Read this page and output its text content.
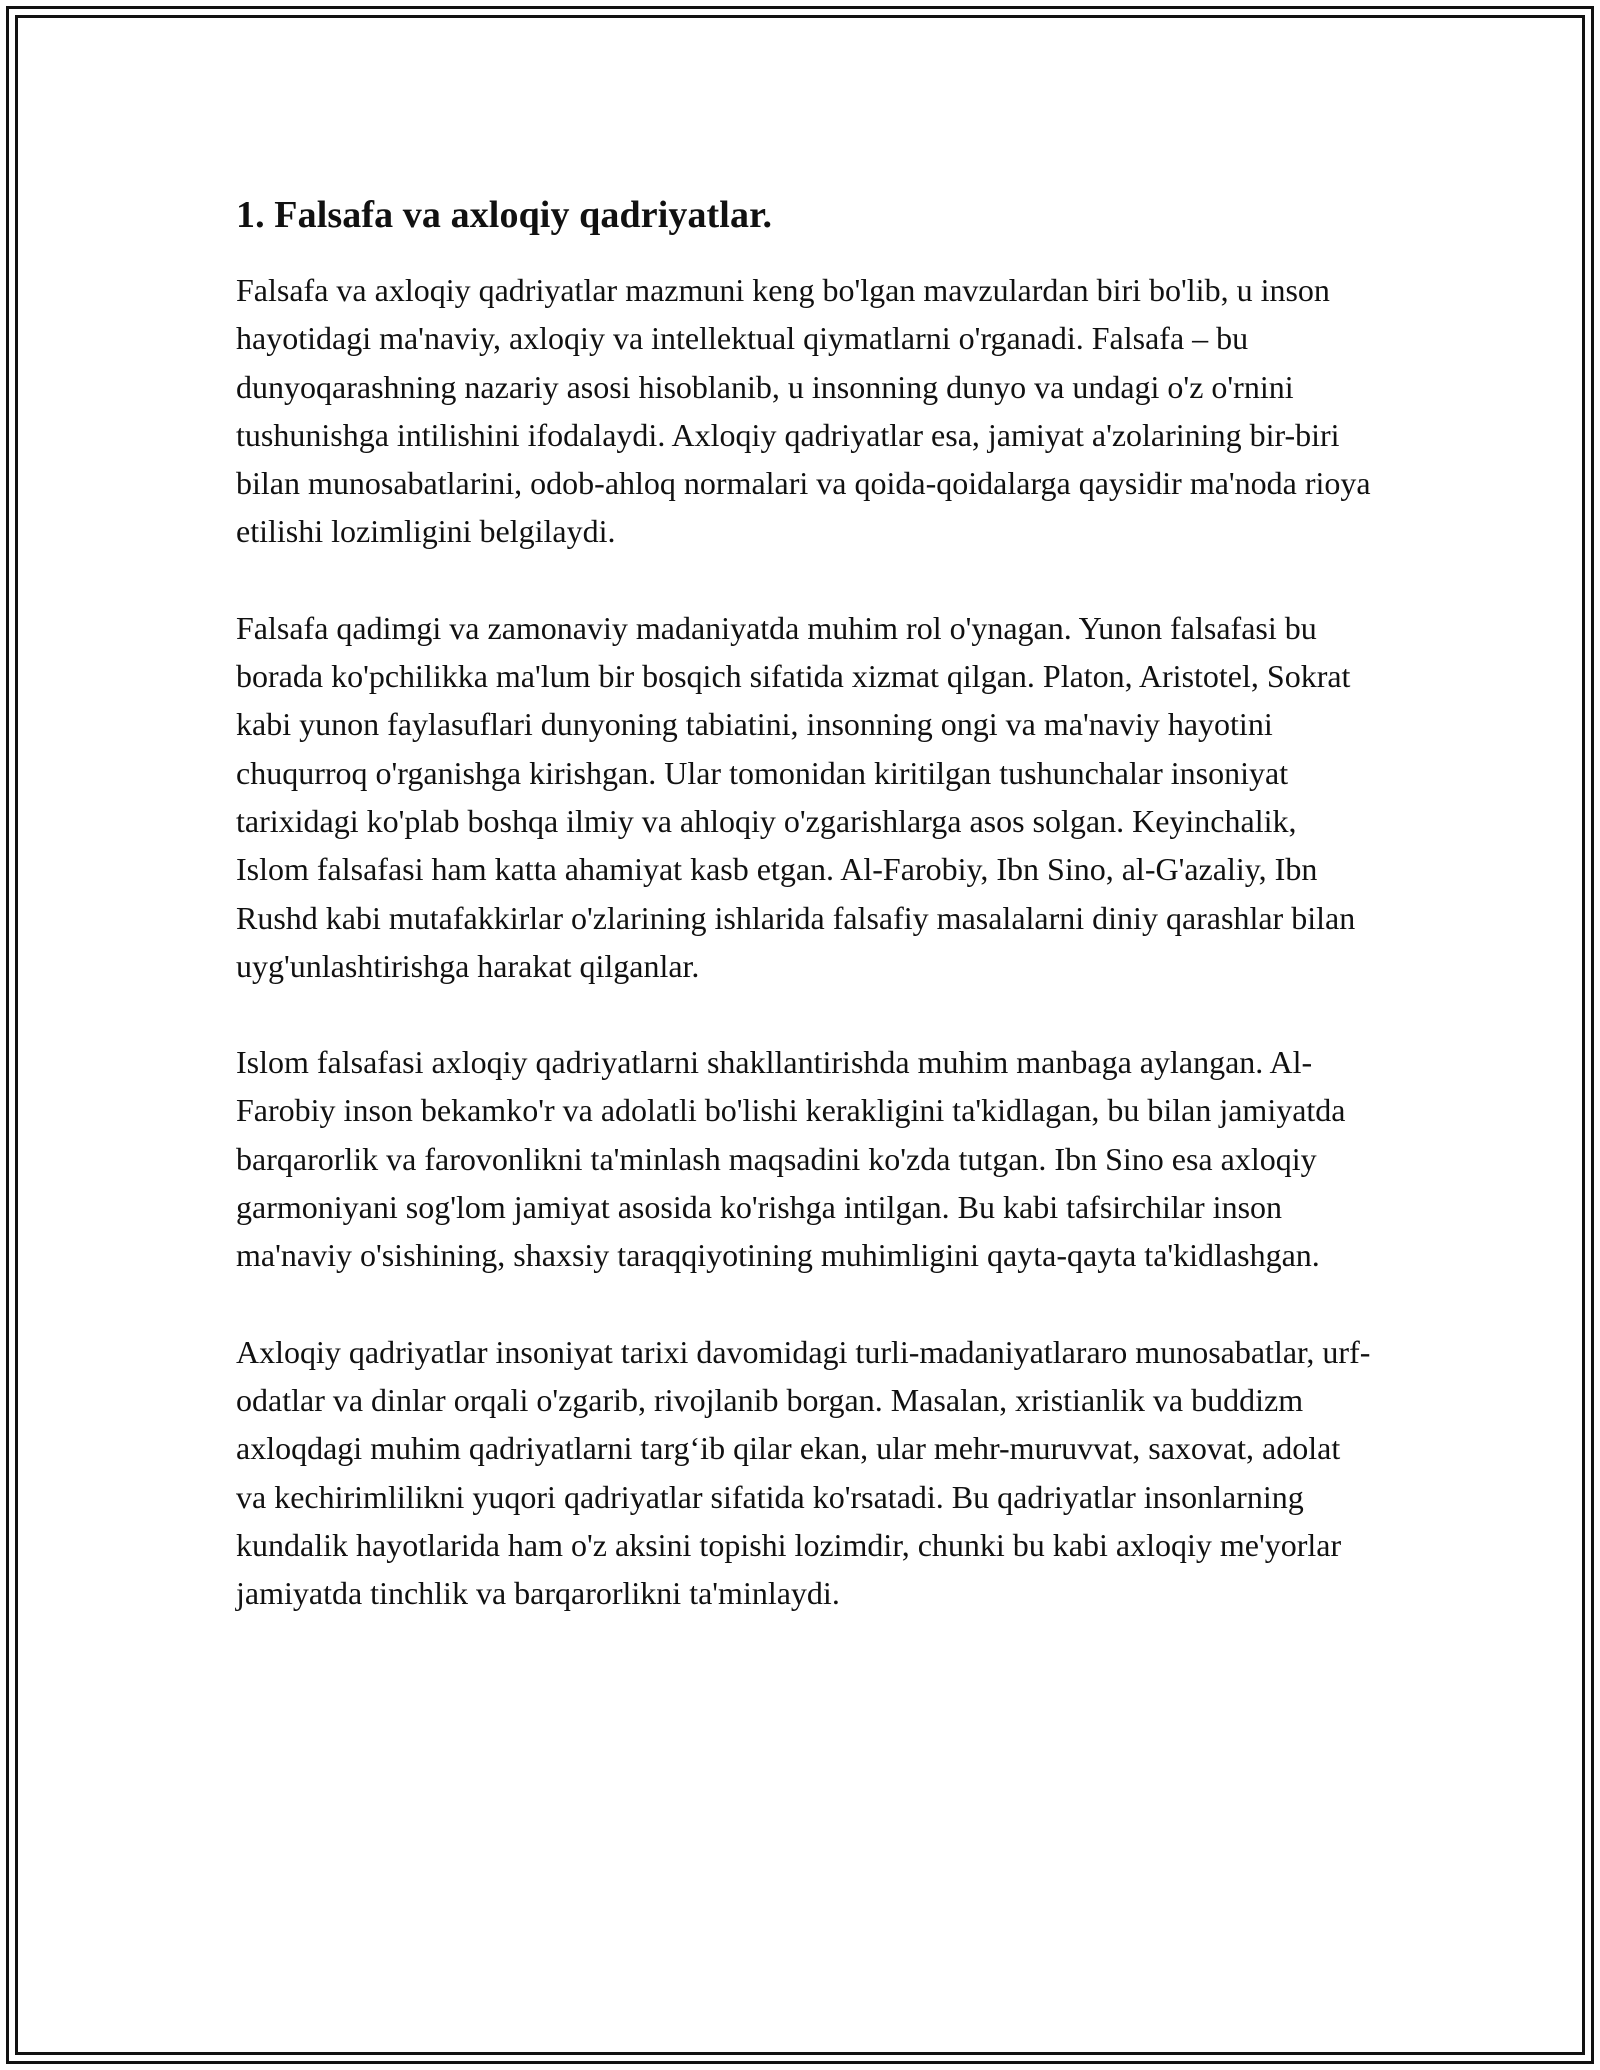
1. Falsafa va axloqiy qadriyatlar.

Falsafa va axloqiy qadriyatlar mazmuni keng bo'lgan mavzulardan biri bo'lib, u inson hayotidagi ma'naviy, axloqiy va intellektual qiymatlarni o'rganadi. Falsafa – bu dunyoqarashning nazariy asosi hisoblanib, u insonning dunyo va undagi o'z o'rnini tushunishga intilishini ifodalaydi. Axloqiy qadriyatlar esa, jamiyat a'zolarining bir-biri bilan munosabatlarini, odob-ahloq normalari va qoida-qoidalarga qaysidir ma'noda rioya etilishi lozimligini belgilaydi.

Falsafa qadimgi va zamonaviy madaniyatda muhim rol o'ynagan. Yunon falsafasi bu borada ko'pchilikka ma'lum bir bosqich sifatida xizmat qilgan. Platon, Aristotel, Sokrat kabi yunon faylasuflari dunyoning tabiatini, insonning ongi va ma'naviy hayotini chuqurroq o'rganishga kirishgan. Ular tomonidan kiritilgan tushunchalar insoniyat tarixidagi ko'plab boshqa ilmiy va ahloqiy o'zgarishlarga asos solgan. Keyinchalik, Islom falsafasi ham katta ahamiyat kasb etgan. Al-Farobiy, Ibn Sino, al-G'azaliy, Ibn Rushd kabi mutafakkirlar o'zlarining ishlarida falsafiy masalalarni diniy qarashlar bilan uyg'unlashtirishga harakat qilganlar.

Islom falsafasi axloqiy qadriyatlarni shakllantirishda muhim manbaga aylangan. Al-Farobiy inson bekamko'r va adolatli bo'lishi kerakligini ta'kidlagan, bu bilan jamiyatda barqarorlik va farovonlikni ta'minlash maqsadini ko'zda tutgan. Ibn Sino esa axloqiy garmoniyani sog'lom jamiyat asosida ko'rishga intilgan. Bu kabi tafsirchilar inson ma'naviy o'sishining, shaxsiy taraqqiyotining muhimligini qayta-qayta ta'kidlashgan.

Axloqiy qadriyatlar insoniyat tarixi davomidagi turli-madaniyatlararo munosabatlar, urf-odatlar va dinlar orqali o'zgarib, rivojlanib borgan. Masalan, xristianlik va buddizm axloqdagi muhim qadriyatlarni targ‘ib qilar ekan, ular mehr-muruvvat, saxovat, adolat va kechirimlilikni yuqori qadriyatlar sifatida ko'rsatadi. Bu qadriyatlar insonlarning kundalik hayotlarida ham o'z aksini topishi lozimdir, chunki bu kabi axloqiy me'yorlar jamiyatda tinchlik va barqarorlikni ta'minlaydi.
